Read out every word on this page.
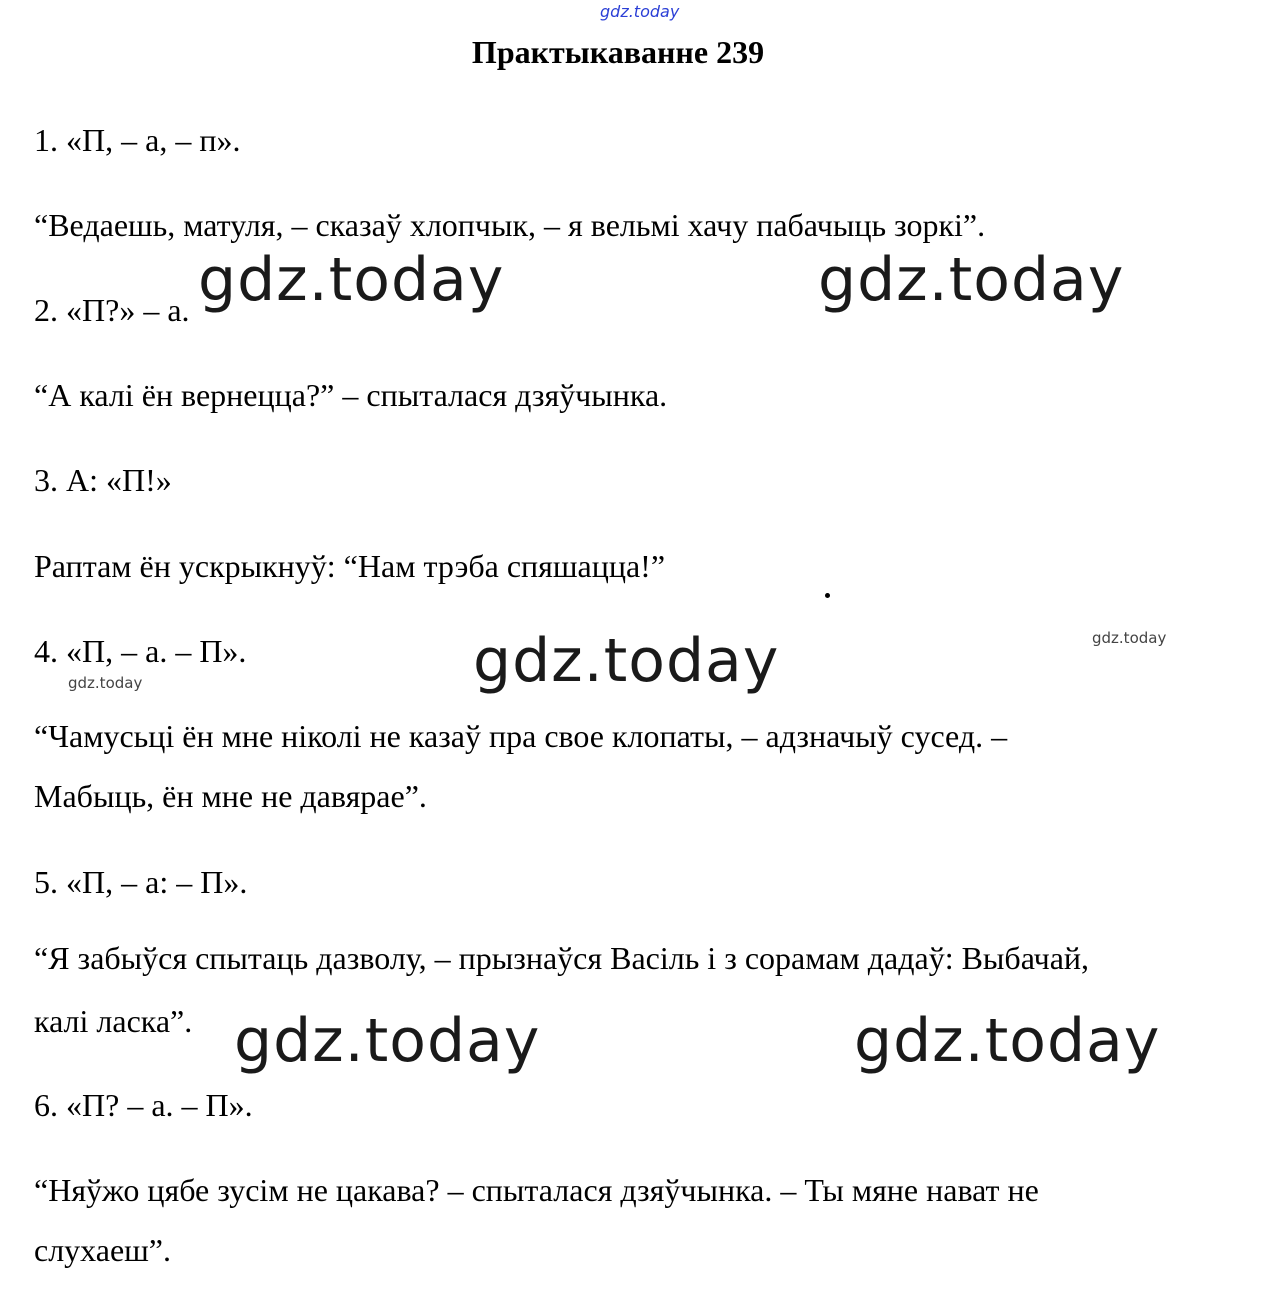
gdz.today
Практыкаванне 239
1. «П, – а, – п».
“Ведаешь, матуля, – сказаў хлопчык, – я вельмі хачу пабачыць зоркі”.
2. «П?» – а.
“А калі ён вернецца?” – спыталася дзяўчынка.
3. А: «П!»
Раптам ён ускрыкнуў: “Нам трэба спяшацца!”
4. «П, – а. – П».
“Чамусьці ён мне ніколі не казаў пра свое клопаты, – адзначыў сусед. –
Мабыць, ён мне не давярае”.
5. «П, – а: – П».
“Я забыўся спытаць дазволу, – прызнаўся Васіль і з сорамам дадаў: Выбачай,
калі ласка”.
6. «П? – а. – П».
“Няўжо цябе зусім не цакава? – спыталася дзяўчынка. – Ты мяне нават не
слухаеш”.
gdz.today	gdz.today
gdz.today
gdz.today	gdz.today
gdz.today
gdz.today
